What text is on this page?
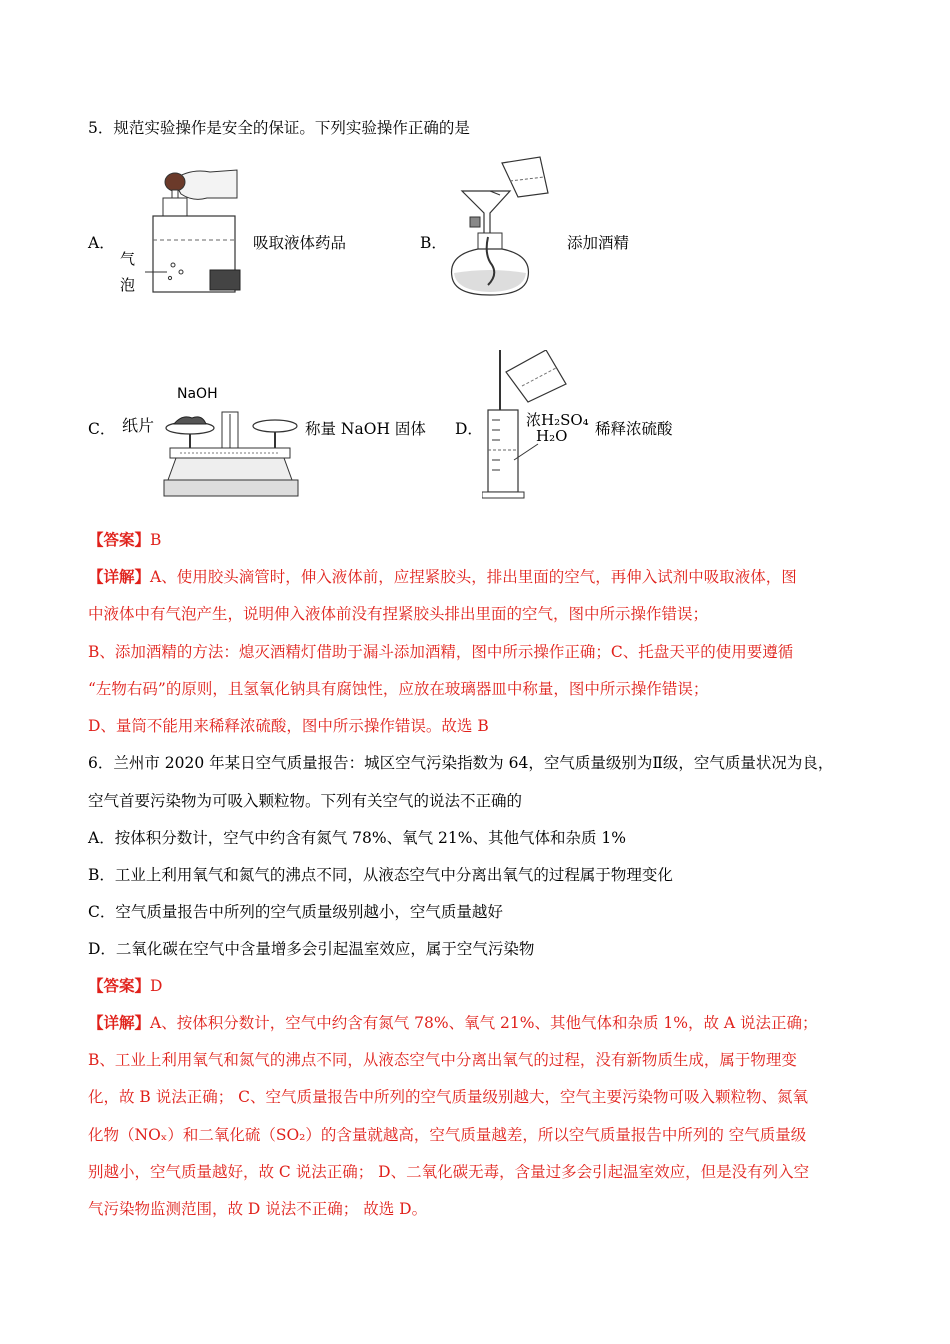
5．规范实验操作是安全的保证。下列实验操作正确的是
A．
气
泡
吸取液体药品	B．	添加酒精
C．
NaOH
纸片	称量 NaOH 固体 D．	浓H₂SO₄
H₂O 稀释浓硫酸
【答案】B
【详解】A、使用胶头滴管时，伸入液体前，应捏紧胶头，排出里面的空气，再伸入试剂中吸取液体，图
中液体中有气泡产生，说明伸入液体前没有捏紧胶头排出里面的空气，图中所示操作错误；
B、添加酒精的方法：熄灭酒精灯借助于漏斗添加酒精，图中所示操作正确；C、托盘天平的使用要遵循
“左物右码”的原则，且氢氧化钠具有腐蚀性，应放在玻璃器皿中称量，图中所示操作错误；
D、量筒不能用来稀释浓硫酸，图中所示操作错误。故选 B
6．兰州市 2020 年某日空气质量报告：城区空气污染指数为 64，空气质量级别为Ⅱ级，空气质量状况为良，
空气首要污染物为可吸入颗粒物。下列有关空气的说法不正确的
A．按体积分数计，空气中约含有氮气 78%、氧气 21%、其他气体和杂质 1%
B．工业上利用氧气和氮气的沸点不同，从液态空气中分离出氧气的过程属于物理变化
C．空气质量报告中所列的空气质量级别越小，空气质量越好
D．二氧化碳在空气中含量增多会引起温室效应，属于空气污染物
【答案】D
【详解】A、按体积分数计，空气中约含有氮气 78%、氧气 21%、其他气体和杂质 1%，故 A 说法正确；
B、工业上利用氧气和氮气的沸点不同，从液态空气中分离出氧气的过程，没有新物质生成，属于物理变
化，故 B 说法正确； C、空气质量报告中所列的空气质量级别越大，空气主要污染物可吸入颗粒物、氮氧
化物（NOₓ）和二氧化硫（SO₂）的含量就越高，空气质量越差，所以空气质量报告中所列的 空气质量级
别越小，空气质量越好，故 C 说法正确； D、二氧化碳无毒，含量过多会引起温室效应，但是没有列入空
气污染物监测范围，故 D 说法不正确； 故选 D。
